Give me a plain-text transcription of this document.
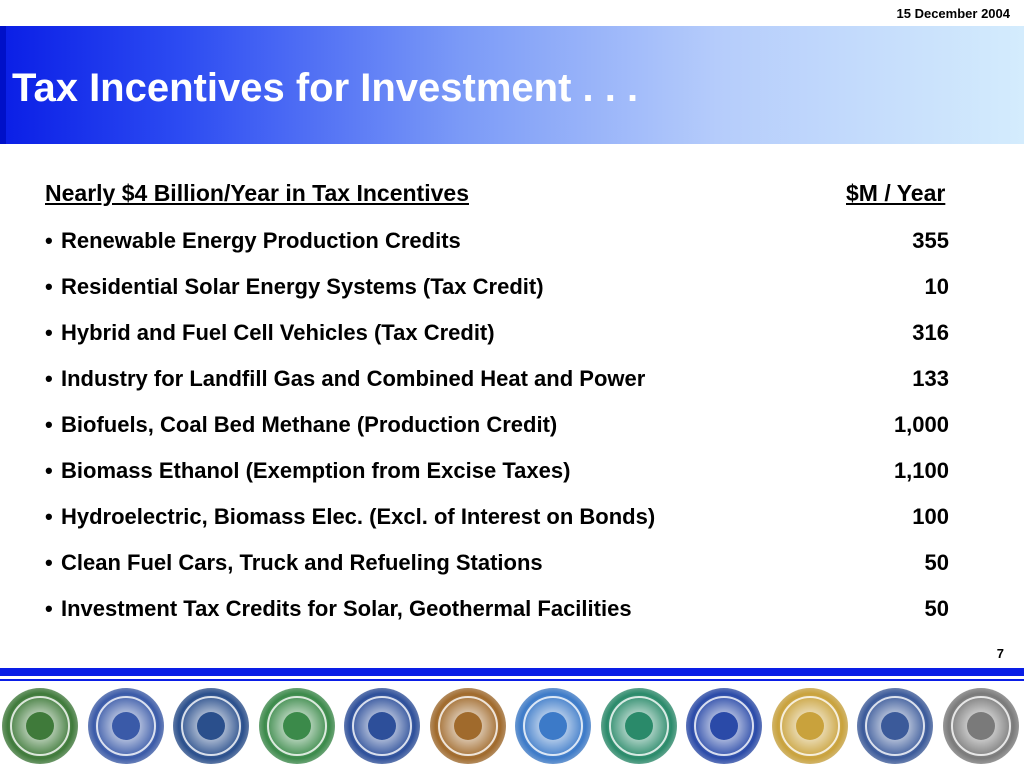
15 December 2004
Tax Incentives for Investment . . .
Nearly $4 Billion/Year in Tax Incentives	$M / Year
• Renewable Energy Production Credits	355
• Residential Solar Energy Systems (Tax Credit)	10
• Hybrid and Fuel Cell Vehicles (Tax Credit)	316
• Industry for Landfill Gas and Combined Heat and Power	133
• Biofuels, Coal Bed Methane (Production Credit)	1,000
• Biomass Ethanol (Exemption from Excise Taxes)	1,100
• Hydroelectric, Biomass Elec. (Excl. of Interest on Bonds)	100
• Clean Fuel Cars, Truck and Refueling Stations	50
• Investment Tax Credits for Solar, Geothermal Facilities	50
7
